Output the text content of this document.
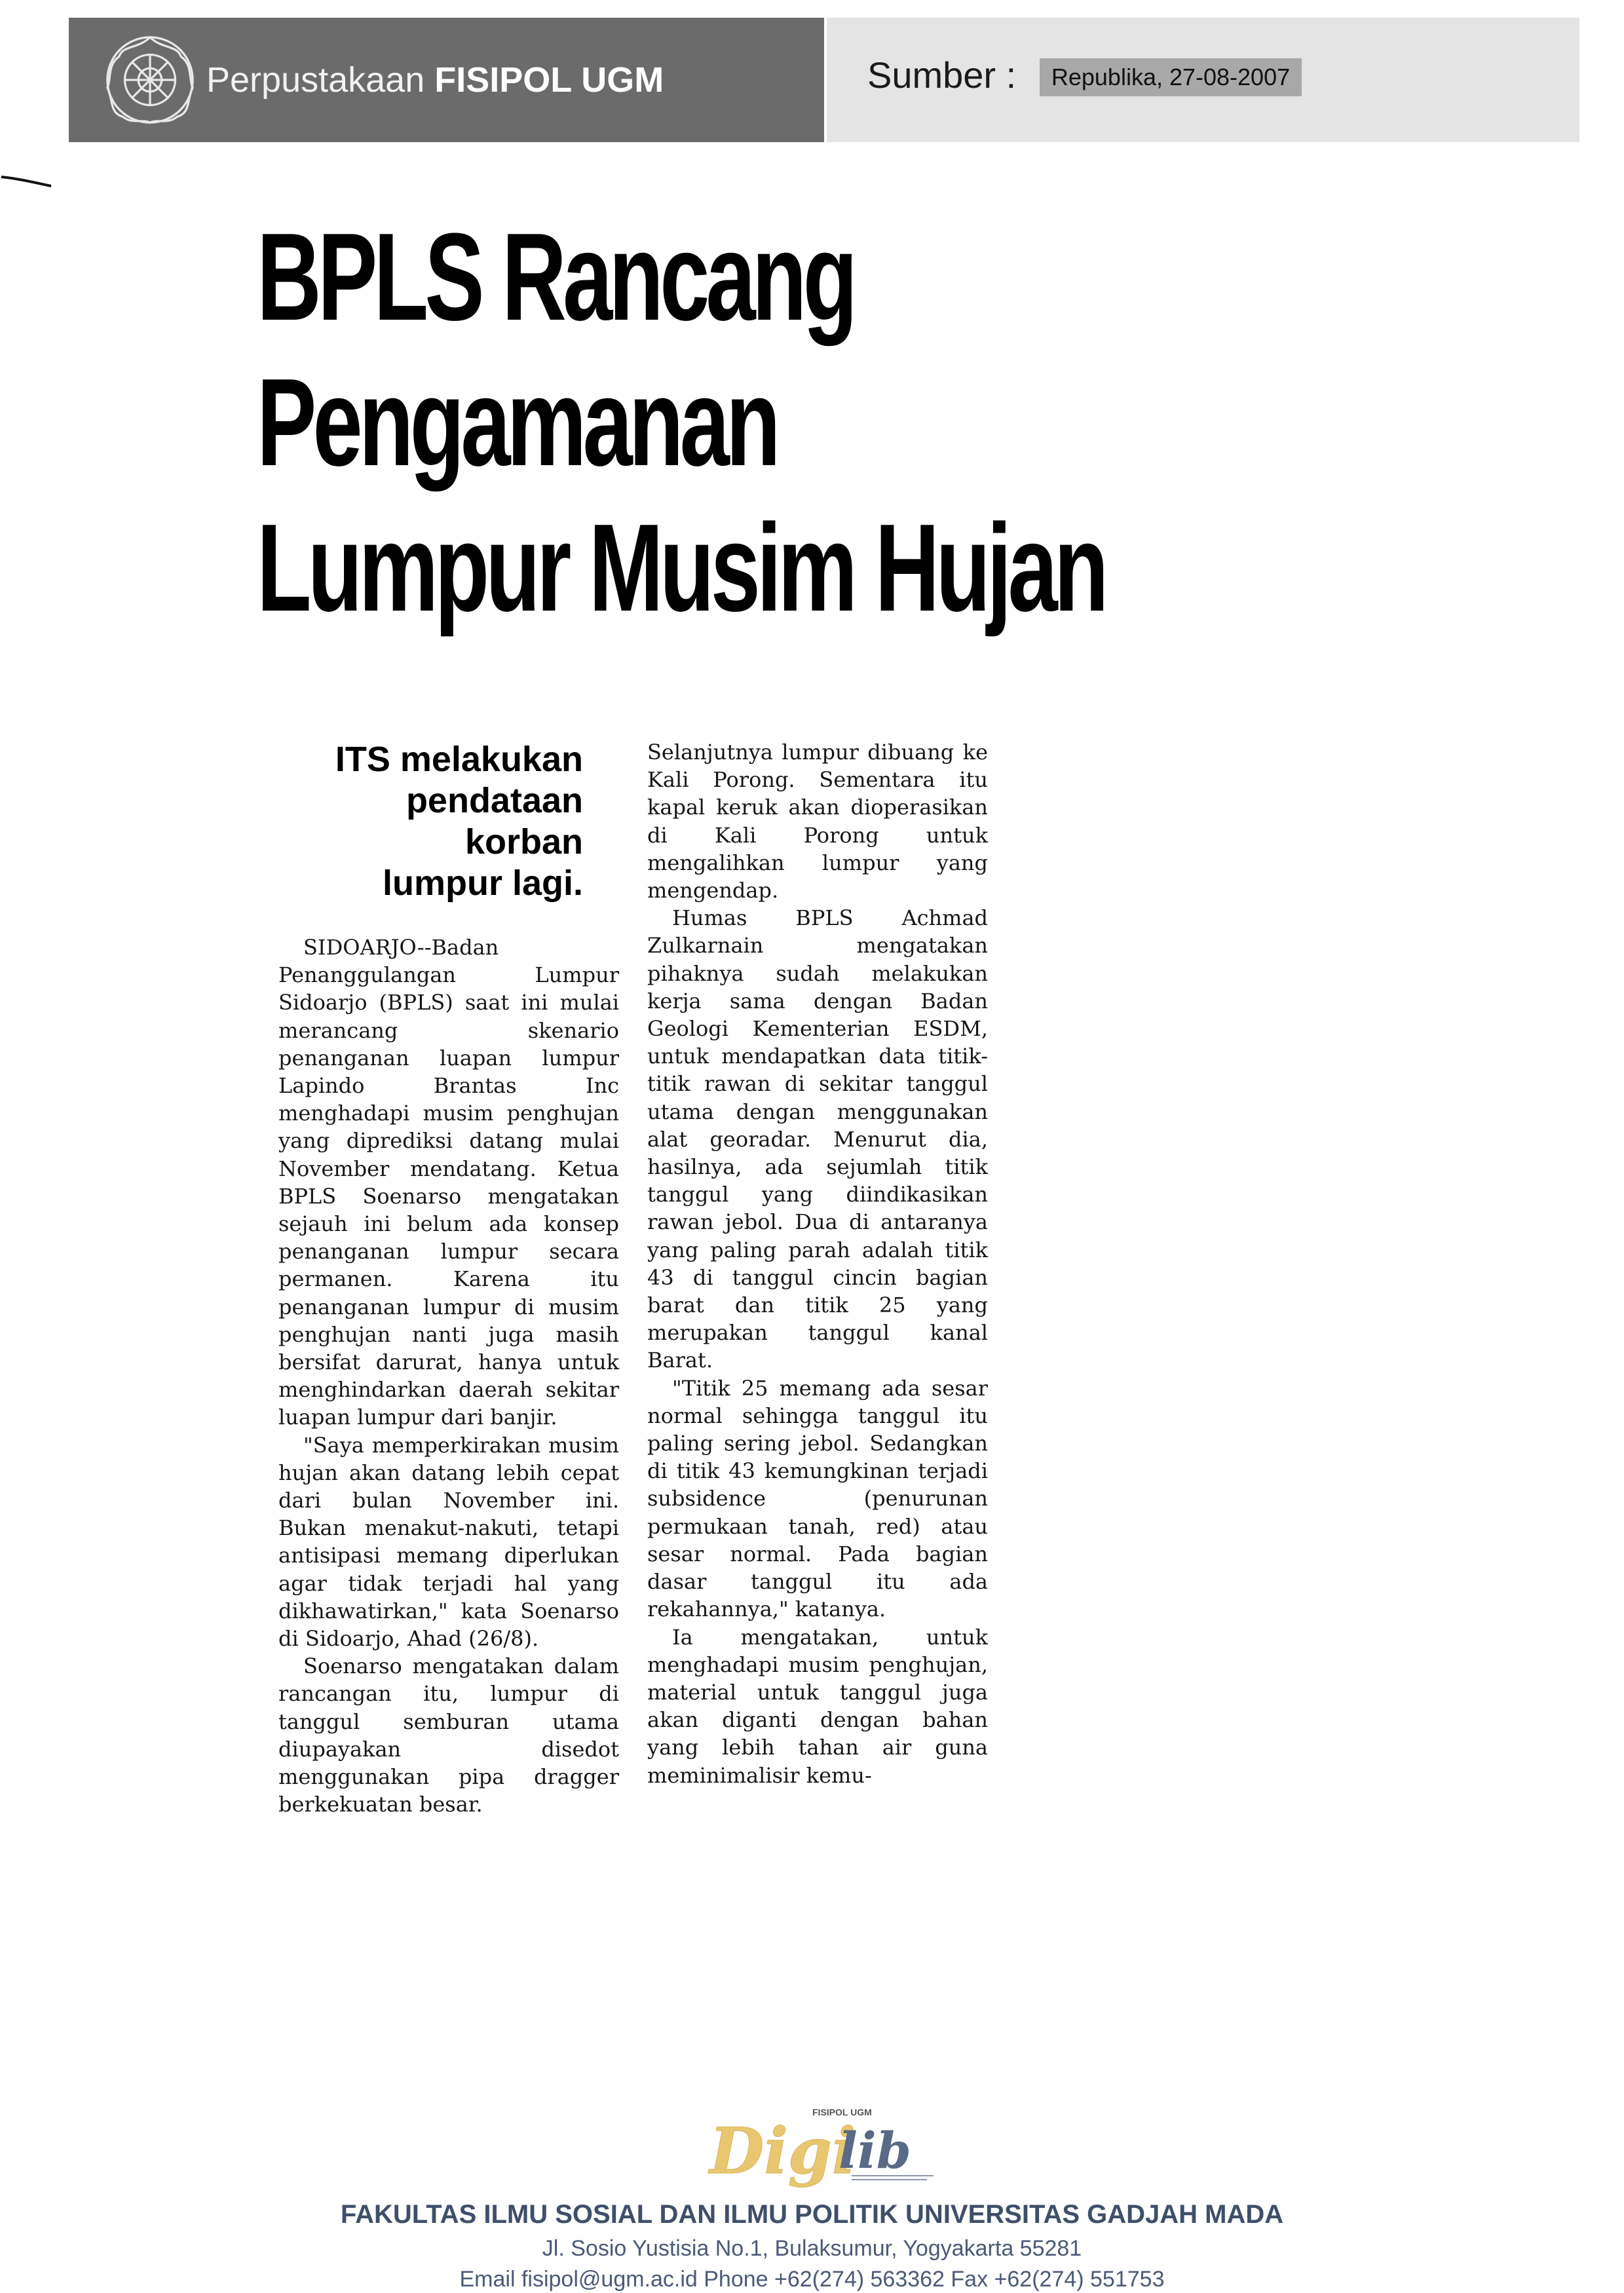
Perpustakaan FISIPOL UGM	Sumber :	Republika, 27-08-2007
BPLS Rancang
Pengamanan
Lumpur Musim Hujan
ITS melakukan
pendataan korban
lumpur lagi.

SIDOARJO--Badan Penanggulangan Lumpur Sidoarjo (BPLS) saat ini mulai merancang skenario penanganan luapan lumpur Lapindo Brantas Inc menghadapi musim penghujan yang diprediksi datang mulai November mendatang. Ketua BPLS Soenarso mengatakan sejauh ini belum ada konsep penanganan lumpur secara permanen. Karena itu penanganan lumpur di musim penghujan nanti juga masih bersifat darurat, hanya untuk menghindarkan daerah sekitar luapan lumpur dari banjir.

"Saya memperkirakan musim hujan akan datang lebih cepat dari bulan November ini. Bukan menakut-nakuti, tetapi antisipasi memang diperlukan agar tidak terjadi hal yang dikhawatirkan," kata Soenarso di Sidoarjo, Ahad (26/8).

Soenarso mengatakan dalam rancangan itu, lumpur di tanggul semburan utama diupayakan disedot menggunakan pipa dragger berkekuatan besar.

Selanjutnya lumpur dibuang ke Kali Porong. Sementara itu kapal keruk akan dioperasikan di Kali Porong untuk mengalihkan lumpur yang mengendap.

Humas BPLS Achmad Zulkarnain mengatakan pihaknya sudah melakukan kerja sama dengan Badan Geologi Kementerian ESDM, untuk mendapatkan data titik-titik rawan di sekitar tanggul utama dengan menggunakan alat georadar. Menurut dia, hasilnya, ada sejumlah titik tanggul yang diindikasikan rawan jebol. Dua di antaranya yang paling parah adalah titik 43 di tanggul cincin bagian barat dan titik 25 yang merupakan tanggul kanal Barat.

"Titik 25 memang ada sesar normal sehingga tanggul itu paling sering jebol. Sedangkan di titik 43 kemungkinan terjadi subsidence (penurunan permukaan tanah, red) atau sesar normal. Pada bagian dasar tanggul itu ada rekahannya," katanya.

Ia mengatakan, untuk menghadapi musim penghujan, material untuk tanggul juga akan diganti dengan bahan yang lebih tahan air guna meminimalisir kemu-

FISIPOL UGM
Digi
lib
FAKULTAS ILMU SOSIAL DAN ILMU POLITIK UNIVERSITAS GADJAH MADA
Jl. Sosio Yustisia No.1, Bulaksumur, Yogyakarta 55281
Email fisipol@ugm.ac.id Phone +62(274) 563362 Fax +62(274) 551753
